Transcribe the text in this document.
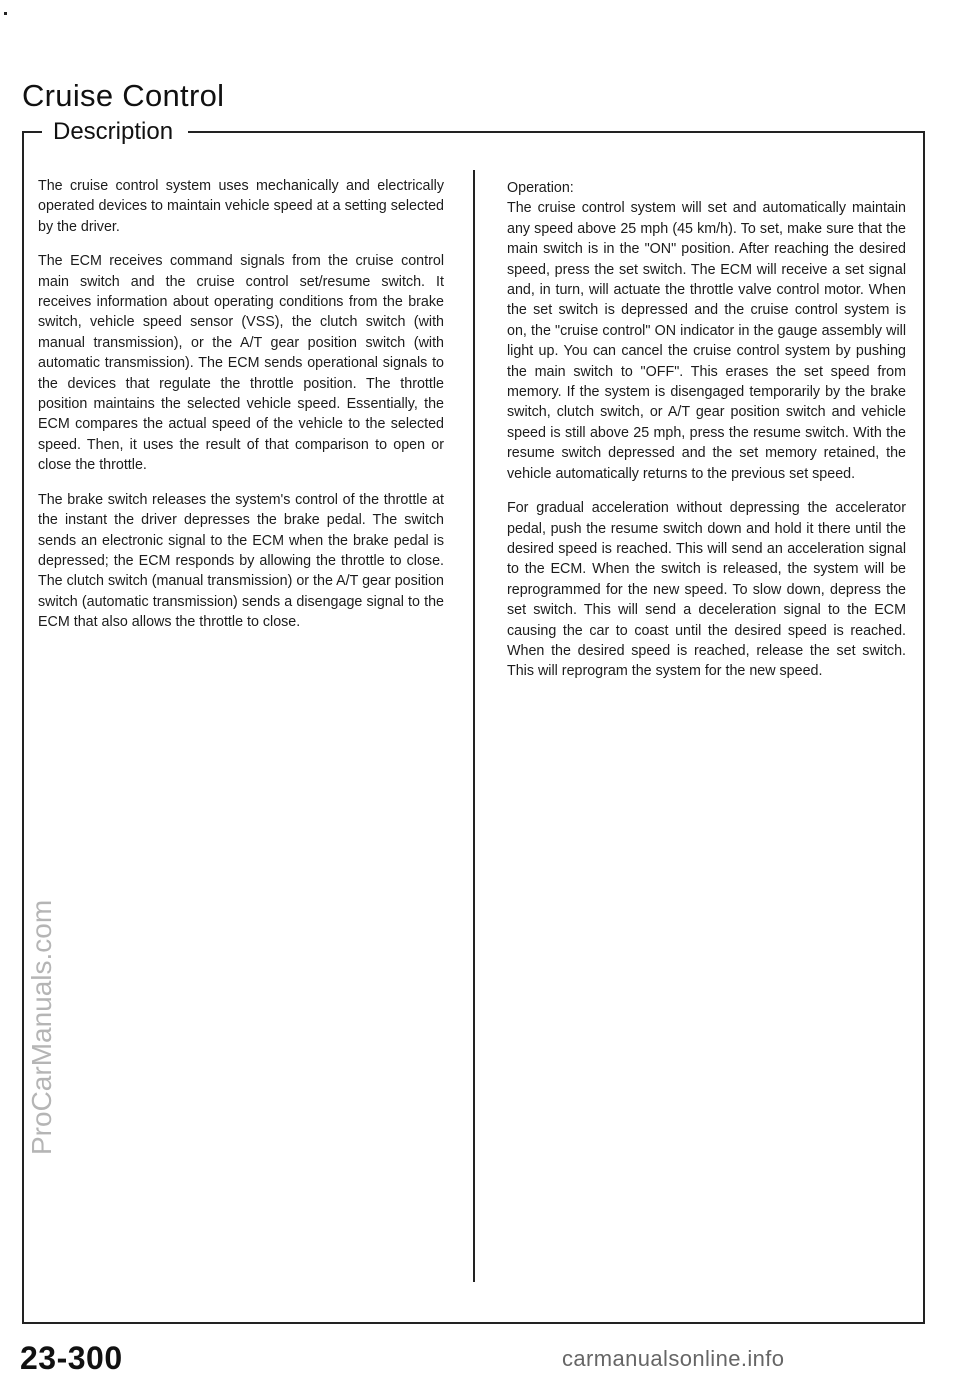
Cruise Control
Description

The cruise control system uses mechanically and electrically operated devices to maintain vehicle speed at a setting selected by the driver.

The ECM receives command signals from the cruise control main switch and the cruise control set/resume switch. It receives information about operating conditions from the brake switch, vehicle speed sensor (VSS), the clutch switch (with manual transmission), or the A/T gear position switch (with automatic transmission). The ECM sends operational signals to the devices that regulate the throttle position. The throttle position maintains the selected vehicle speed. Essentially, the ECM compares the actual speed of the vehicle to the selected speed. Then, it uses the result of that comparison to open or close the throttle.

The brake switch releases the system's control of the throttle at the instant the driver depresses the brake pedal. The switch sends an electronic signal to the ECM when the brake pedal is depressed; the ECM responds by allowing the throttle to close. The clutch switch (manual transmission) or the A/T gear position switch (automatic transmission) sends a disengage signal to the ECM that also allows the throttle to close.

Operation:

The cruise control system will set and automatically maintain any speed above 25 mph (45 km/h). To set, make sure that the main switch is in the "ON" position. After reaching the desired speed, press the set switch. The ECM will receive a set signal and, in turn, will actuate the throttle valve control motor. When the set switch is depressed and the cruise control system is on, the "cruise control" ON indicator in the gauge assembly will light up. You can cancel the cruise control system by pushing the main switch to "OFF". This erases the set speed from memory. If the system is disengaged temporarily by the brake switch, clutch switch, or A/T gear position switch and vehicle speed is still above 25 mph, press the resume switch. With the resume switch depressed and the set memory retained, the vehicle automatically returns to the previous set speed.

For gradual acceleration without depressing the accelerator pedal, push the resume switch down and hold it there until the desired speed is reached. This will send an acceleration signal to the ECM. When the switch is released, the system will be reprogrammed for the new speed. To slow down, depress the set switch. This will send a deceleration signal to the ECM causing the car to coast until the desired speed is reached. When the desired speed is reached, release the set switch. This will reprogram the system for the new speed.

ProCarManuals.com
23-300	carmanualsonline.info
